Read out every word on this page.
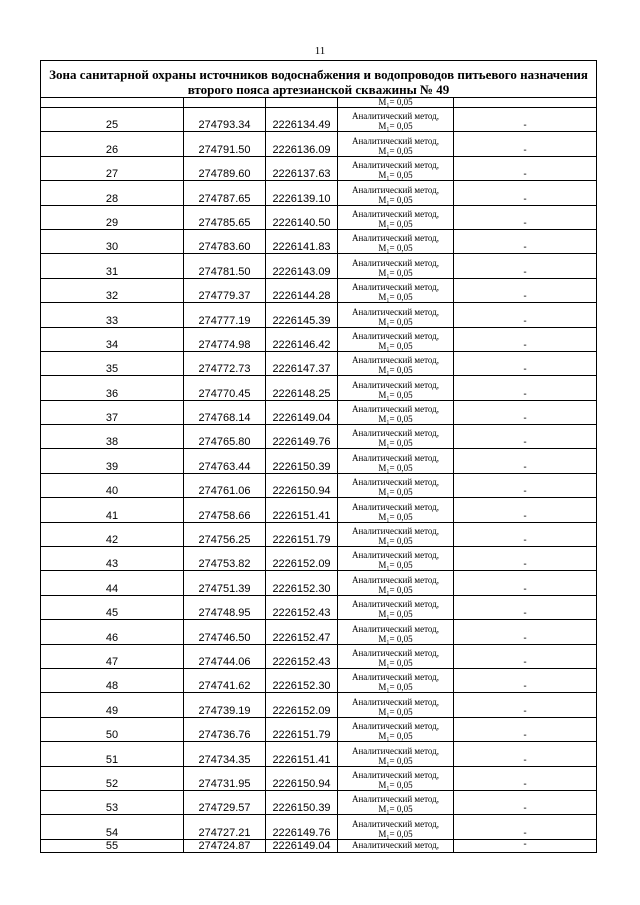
11
Зона санитарной охраны источников водоснабжения и водопроводов питьевого назначения
второго пояса артезианской скважины № 49				

			M₁= 0,05	
25	274793.34	2226134.49	Аналитический метод,
M₁= 0,05	-
26	274791.50	2226136.09	Аналитический метод,
M₁= 0,05	-
27	274789.60	2226137.63	Аналитический метод,
M₁= 0,05	-
28	274787.65	2226139.10	Аналитический метод,
M₁= 0,05	-
29	274785.65	2226140.50	Аналитический метод,
M₁= 0,05	-
30	274783.60	2226141.83	Аналитический метод,
M₁= 0,05	-
31	274781.50	2226143.09	Аналитический метод,
M₁= 0,05	-
32	274779.37	2226144.28	Аналитический метод,
M₁= 0,05	-
33	274777.19	2226145.39	Аналитический метод,
M₁= 0,05	-
34	274774.98	2226146.42	Аналитический метод,
M₁= 0,05	-
35	274772.73	2226147.37	Аналитический метод,
M₁= 0,05	-
36	274770.45	2226148.25	Аналитический метод,
M₁= 0,05	-
37	274768.14	2226149.04	Аналитический метод,
M₁= 0,05	-
38	274765.80	2226149.76	Аналитический метод,
M₁= 0,05	-
39	274763.44	2226150.39	Аналитический метод,
M₁= 0,05	-
40	274761.06	2226150.94	Аналитический метод,
M₁= 0,05	-
41	274758.66	2226151.41	Аналитический метод,
M₁= 0,05	-
42	274756.25	2226151.79	Аналитический метод,
M₁= 0,05	-
43	274753.82	2226152.09	Аналитический метод,
M₁= 0,05	-
44	274751.39	2226152.30	Аналитический метод,
M₁= 0,05	-
45	274748.95	2226152.43	Аналитический метод,
M₁= 0,05	-
46	274746.50	2226152.47	Аналитический метод,
M₁= 0,05	-
47	274744.06	2226152.43	Аналитический метод,
M₁= 0,05	-
48	274741.62	2226152.30	Аналитический метод,
M₁= 0,05	-
49	274739.19	2226152.09	Аналитический метод,
M₁= 0,05	-
50	274736.76	2226151.79	Аналитический метод,
M₁= 0,05	-
51	274734.35	2226151.41	Аналитический метод,
M₁= 0,05	-
52	274731.95	2226150.94	Аналитический метод,
M₁= 0,05	-
53	274729.57	2226150.39	Аналитический метод,
M₁= 0,05	-
54	274727.21	2226149.76	Аналитический метод,
M₁= 0,05	-
55	274724.87	2226149.04	Аналитический метод,	-
